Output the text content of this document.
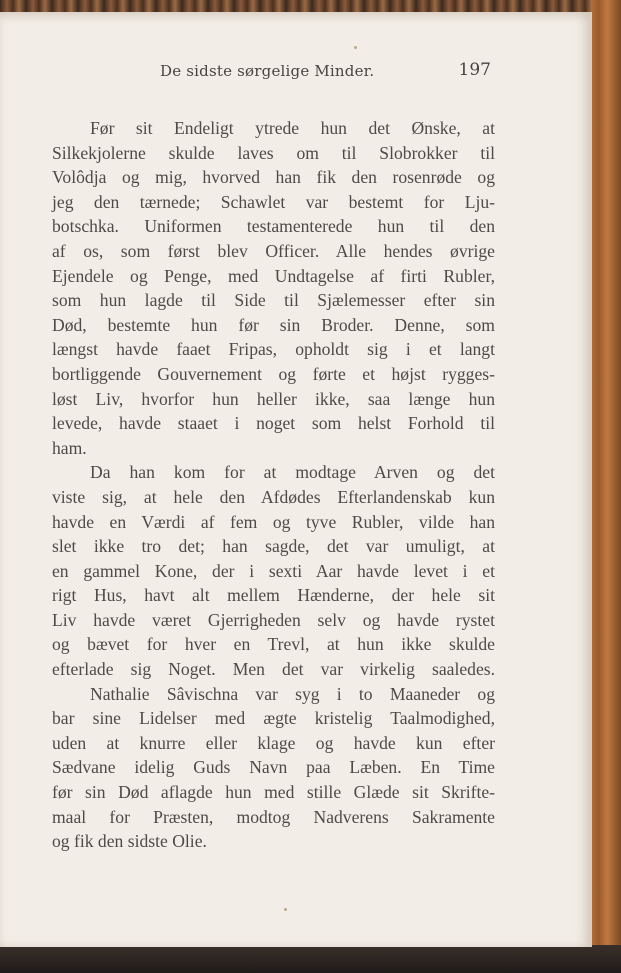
De sidste sørgelige Minder.	197
Før sit Endeligt ytrede hun det Ønske, at
Silkekjolerne skulde laves om til Slobrokker til
Volôdja og mig, hvorved han fik den rosenrøde og
jeg den tærnede; Schawlet var bestemt for Lju-
botschka. Uniformen testamenterede hun til den
af os, som først blev Officer. Alle hendes øvrige
Ejendele og Penge, med Undtagelse af firti Rubler,
som hun lagde til Side til Sjælemesser efter sin
Død, bestemte hun før sin Broder. Denne, som
længst havde faaet Fripas, opholdt sig i et langt
bortliggende Gouvernement og førte et højst rygges-
løst Liv, hvorfor hun heller ikke, saa længe hun
levede, havde staaet i noget som helst Forhold til
ham.
Da han kom for at modtage Arven og det
viste sig, at hele den Afdødes Efterlandenskab kun
havde en Værdi af fem og tyve Rubler, vilde han
slet ikke tro det; han sagde, det var umuligt, at
en gammel Kone, der i sexti Aar havde levet i et
rigt Hus, havt alt mellem Hænderne, der hele sit
Liv havde været Gjerrigheden selv og havde rystet
og bævet for hver en Trevl, at hun ikke skulde
efterlade sig Noget. Men det var virkelig saaledes.
Nathalie Sâvischna var syg i to Maaneder og
bar sine Lidelser med ægte kristelig Taalmodighed,
uden at knurre eller klage og havde kun efter
Sædvane idelig Guds Navn paa Læben. En Time
før sin Død aflagde hun med stille Glæde sit Skrifte-
maal for Præsten, modtog Nadverens Sakramente
og fik den sidste Olie.
